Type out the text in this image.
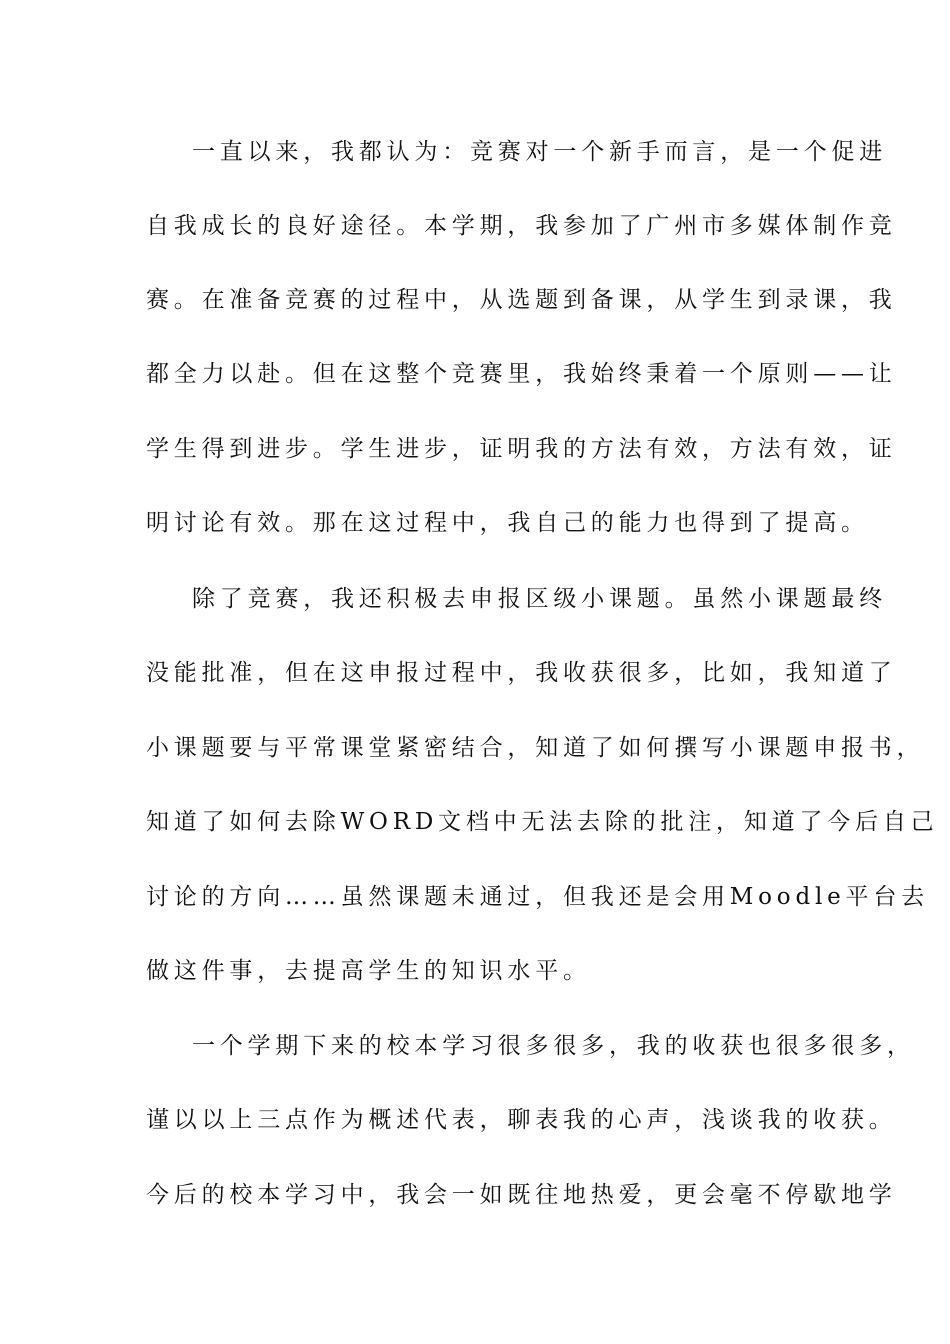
一直以来，我都认为：竞赛对一个新手而言，是一个促进
自我成长的良好途径。本学期，我参加了广州市多媒体制作竞
赛。在准备竞赛的过程中，从选题到备课，从学生到录课，我
都全力以赴。但在这整个竞赛里，我始终秉着一个原则——让
学生得到进步。学生进步，证明我的方法有效，方法有效，证
明讨论有效。那在这过程中，我自己的能力也得到了提高。
除了竞赛，我还积极去申报区级小课题。虽然小课题最终
没能批准，但在这申报过程中，我收获很多，比如，我知道了
小课题要与平常课堂紧密结合，知道了如何撰写小课题申报书，
知道了如何去除WORD文档中无法去除的批注，知道了今后自己
讨论的方向……虽然课题未通过，但我还是会用Moodle平台去
做这件事，去提高学生的知识水平。
一个学期下来的校本学习很多很多，我的收获也很多很多，
谨以以上三点作为概述代表，聊表我的心声，浅谈我的收获。
今后的校本学习中，我会一如既往地热爱，更会毫不停歇地学
